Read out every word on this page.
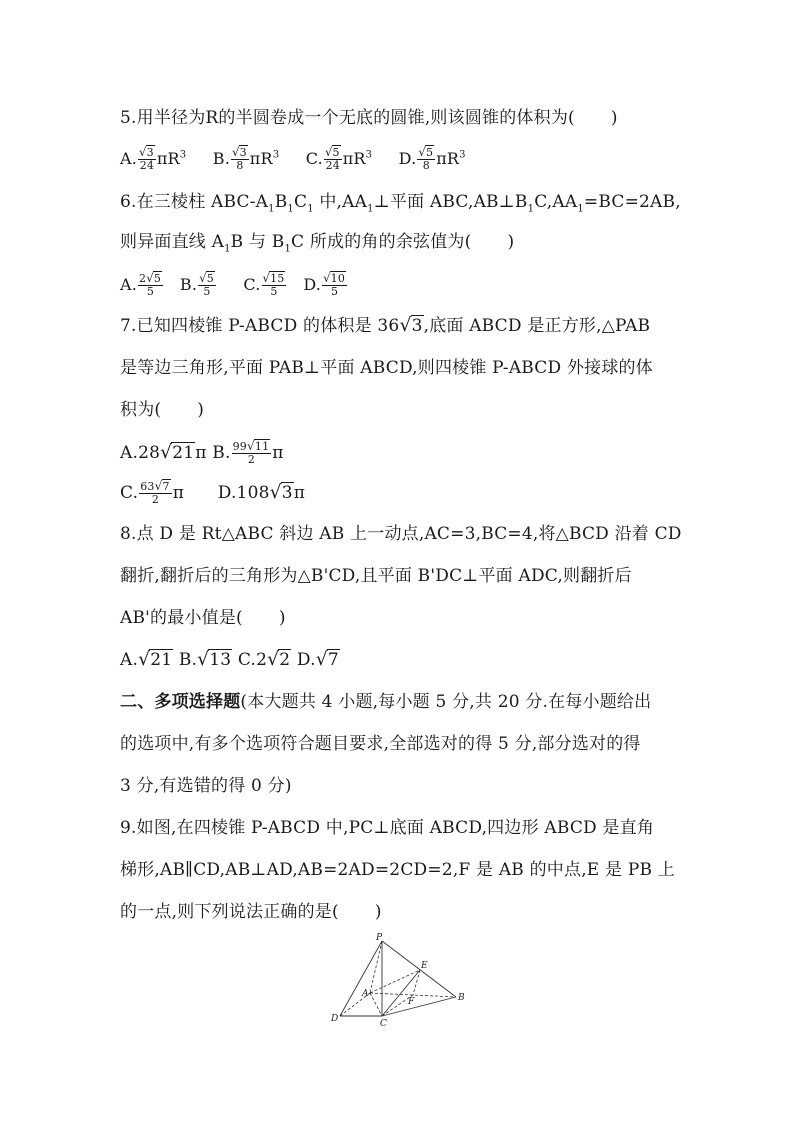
5.用半径为R的半圆卷成一个无底的圆锥,则该圆锥的体积为( )
A. $\frac{√3}{24} \pi R^3$ B. $\frac{√3}{8} \pi R^3$ C. $\frac{√5}{24} \pi R^3$ D. $\frac{√5}{8} \pi R^3$
6.在三棱柱 ABC-$A_1B_1C_1$ 中$,AA_1\perp$平面 $ABC,AB\perp B_1C,AA_1=BC=2AB$,
则异面直线 $A_1B$ 与 $B_1C$ 所成的角的余弦值为( )
A. $\frac{2√5}{5} B$. $\frac{√5}{5} C$. $\frac{√15}{5} D$. $\frac{√10}{5}$
7.已知四棱锥 P-ABCD 的体积是 36√3,底面 ABCD 是正方形,△PAB
是等边三角形,平面 PAB⊥平面 ABCD,则四棱锥 P-ABCD 外接球的体
积为( )
A.28√21π B. $\frac{99√11}{2}$ π
C. $\frac{63√7}{2}$ π D.108√3π
8.点 D 是 Rt△ABC 斜边 AB 上一动点,AC=3,BC=4,将△BCD 沿着 CD
翻折,翻折后的三角形为△B'CD,且平面 B'DC⊥平面 ADC,则翻折后
AB'的最小值是( )
A.√21 B.√13 C.2√2 D.√7
二、多项选择题(本大题共 4 小题,每小题 5 分,共 20 分.在每小题给出
的选项中,有多个选项符合题目要求,全部选对的得 5 分,部分选对的得
3 分,有选错的得 0 分)
9.如图,在四棱锥 P-ABCD 中,PC⊥底面 ABCD,四边形 ABCD 是直角
梯形,AB∥CD,AB⊥AD,AB=2AD=2CD=2,F 是 AB 的中点,E 是 PB 上
的一点,则下列说法正确的是( )
P
E
A
F	B
D	C
